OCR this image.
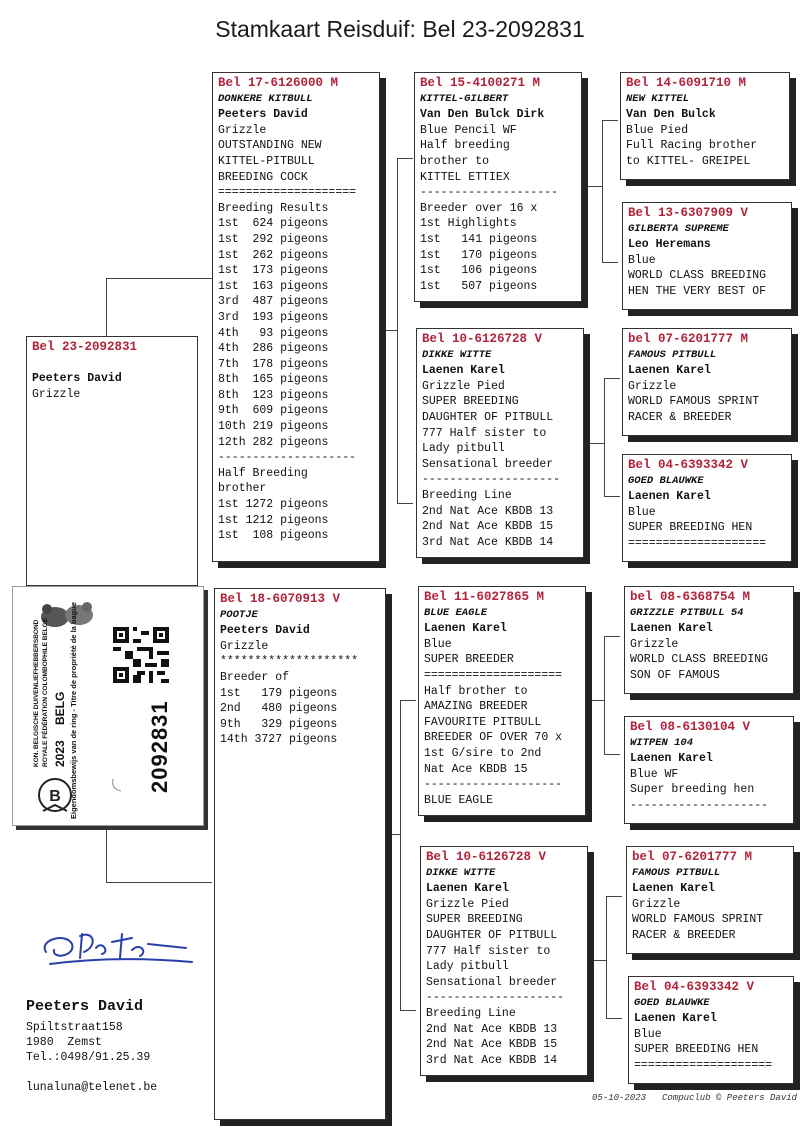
Stamkaart Reisduif: Bel 23-2092831
Bel 23-2092831

Peeters David
Grizzle
Bel 17-6126000 M
DONKERE KITBULL
Peeters David
Grizzle
OUTSTANDING NEW
KITTEL-PITBULL
BREEDING COCK
====================
Breeding Results
1st  624 pigeons
1st  292 pigeons
1st  262 pigeons
1st  173 pigeons
1st  163 pigeons
3rd  487 pigeons
3rd  193 pigeons
4th   93 pigeons
4th  286 pigeons
7th  178 pigeons
8th  165 pigeons
8th  123 pigeons
9th  609 pigeons
10th 219 pigeons
12th 282 pigeons
--------------------
Half Breeding
brother
1st 1272 pigeons
1st 1212 pigeons
1st  108 pigeons
Bel 18-6070913 V
POOTJE
Peeters David
Grizzle
********************
Breeder of
1st   179 pigeons
2nd   480 pigeons
9th   329 pigeons
14th 3727 pigeons
Bel 15-4100271 M
KITTEL-GILBERT
Van Den Bulck Dirk
Blue Pencil WF
Half breeding
brother to
KITTEL ETTIEX
--------------------
Breeder over 16 x
1st Highlights
1st   141 pigeons
1st   170 pigeons
1st   106 pigeons
1st   507 pigeons
Bel 10-6126728 V
DIKKE WITTE
Laenen Karel
Grizzle Pied
SUPER BREEDING
DAUGHTER OF PITBULL
777 Half sister to
Lady pitbull
Sensational breeder
--------------------
Breeding Line
2nd Nat Ace KBDB 13
2nd Nat Ace KBDB 15
3rd Nat Ace KBDB 14
Bel 11-6027865 M
BLUE EAGLE
Laenen Karel
Blue
SUPER BREEDER
====================
Half brother to
AMAZING BREEDER
FAVOURITE PITBULL
BREEDER OF OVER 70 x
1st G/sire to 2nd
Nat Ace KBDB 15
--------------------
BLUE EAGLE
Bel 10-6126728 V
DIKKE WITTE
Laenen Karel
Grizzle Pied
SUPER BREEDING
DAUGHTER OF PITBULL
777 Half sister to
Lady pitbull
Sensational breeder
--------------------
Breeding Line
2nd Nat Ace KBDB 13
2nd Nat Ace KBDB 15
3rd Nat Ace KBDB 14
Bel 14-6091710 M
NEW KITTEL
Van Den Bulck
Blue Pied
Full Racing brother
to KITTEL- GREIPEL
Bel 13-6307909 V
GILBERTA SUPREME
Leo Heremans
Blue
WORLD CLASS BREEDING
HEN THE VERY BEST OF
bel 07-6201777 M
FAMOUS PITBULL
Laenen Karel
Grizzle
WORLD FAMOUS SPRINT
RACER & BREEDER
Bel 04-6393342 V
GOED BLAUWKE
Laenen Karel
Blue
SUPER BREEDING HEN
====================
bel 08-6368754 M
GRIZZLE PITBULL 54
Laenen Karel
Grizzle
WORLD CLASS BREEDING
SON OF FAMOUS
Bel 08-6130104 V
WITPEN 104
Laenen Karel
Blue WF
Super breeding hen
--------------------
bel 07-6201777 M
FAMOUS PITBULL
Laenen Karel
Grizzle
WORLD FAMOUS SPRINT
RACER & BREEDER
Bel 04-6393342 V
GOED BLAUWKE
Laenen Karel
Blue
SUPER BREEDING HEN
====================
B
KON. BELGISCHE DUIVENLIEFHEBBERSBOND ROYALE FÉDÉRATION COLOMBOPHILE BELGE 2023
BELG Eigendomsbewijs van de ring - Titre de propriété de la bague	2092831
Peeters David
Spiltstraat158
1980  Zemst
Tel.:0498/91.25.39
lunaluna@telenet.be
05-10-2023 Compuclub © Peeters David
